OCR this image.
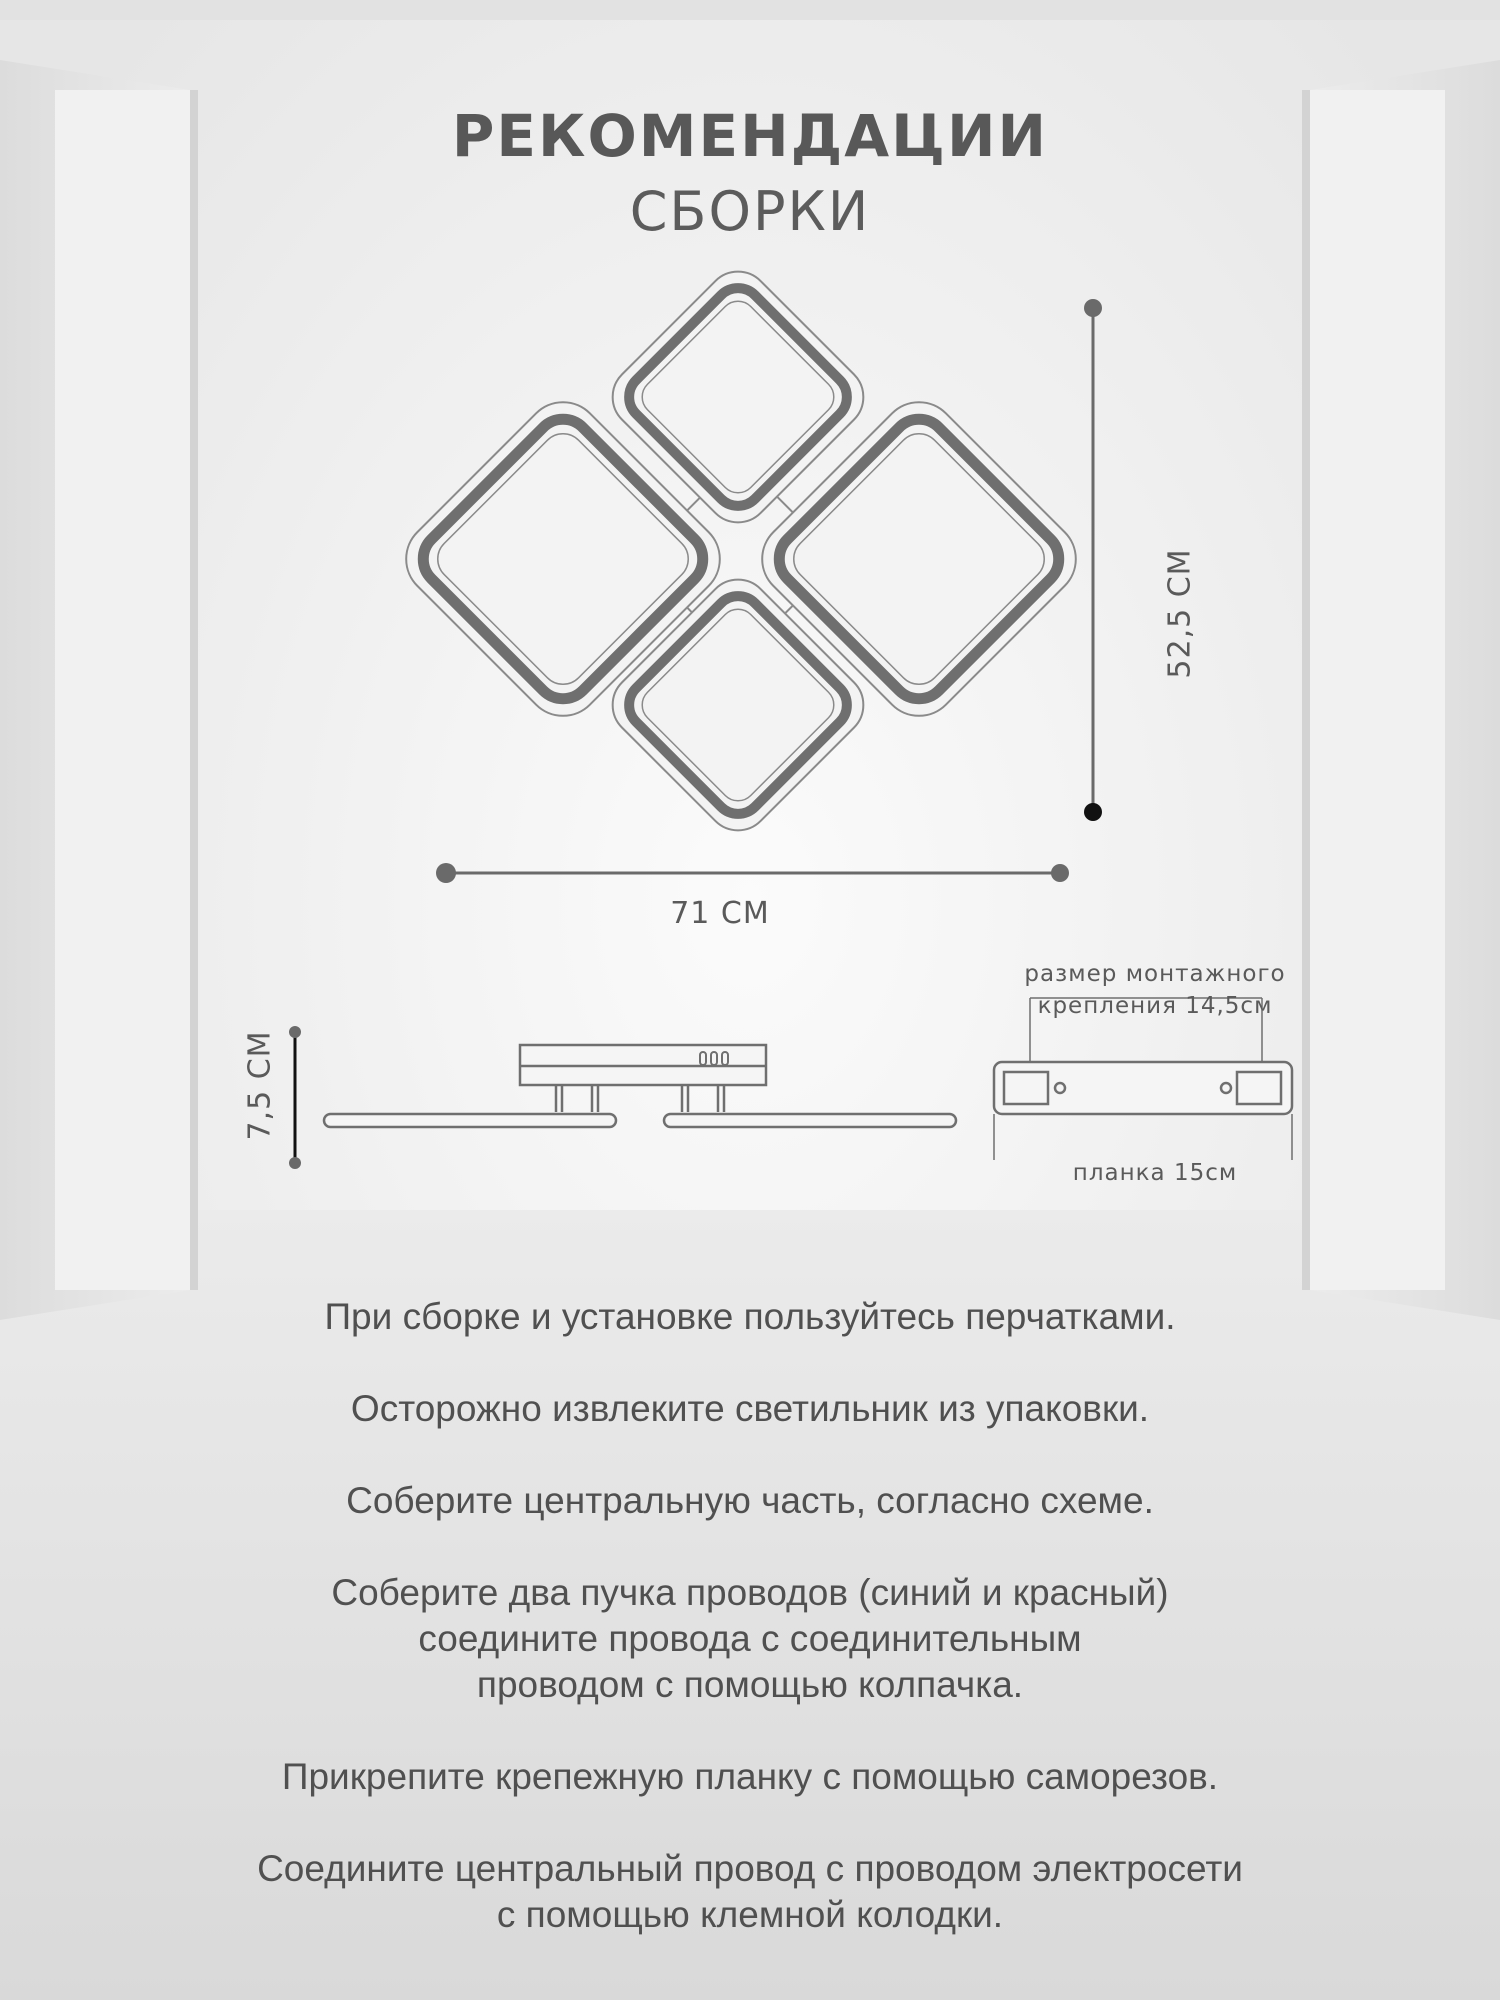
РЕКОМЕНДАЦИИ
СБОРКИ
71 СМ
52,5 СМ
7,5 СМ
размер монтажного
крепления 14,5см
планка 15см

При сборке и установке пользуйтесь перчатками.

Осторожно извлеките светильник из упаковки.

Соберите центральную часть, согласно схеме.

Соберите два пучка проводов (синий и красный)
соедините провода с соединительным
проводом с помощью колпачка.

Прикрепите крепежную планку с помощью саморезов.

Соедините центральный провод с проводом электросети
с помощью клемной колодки.
